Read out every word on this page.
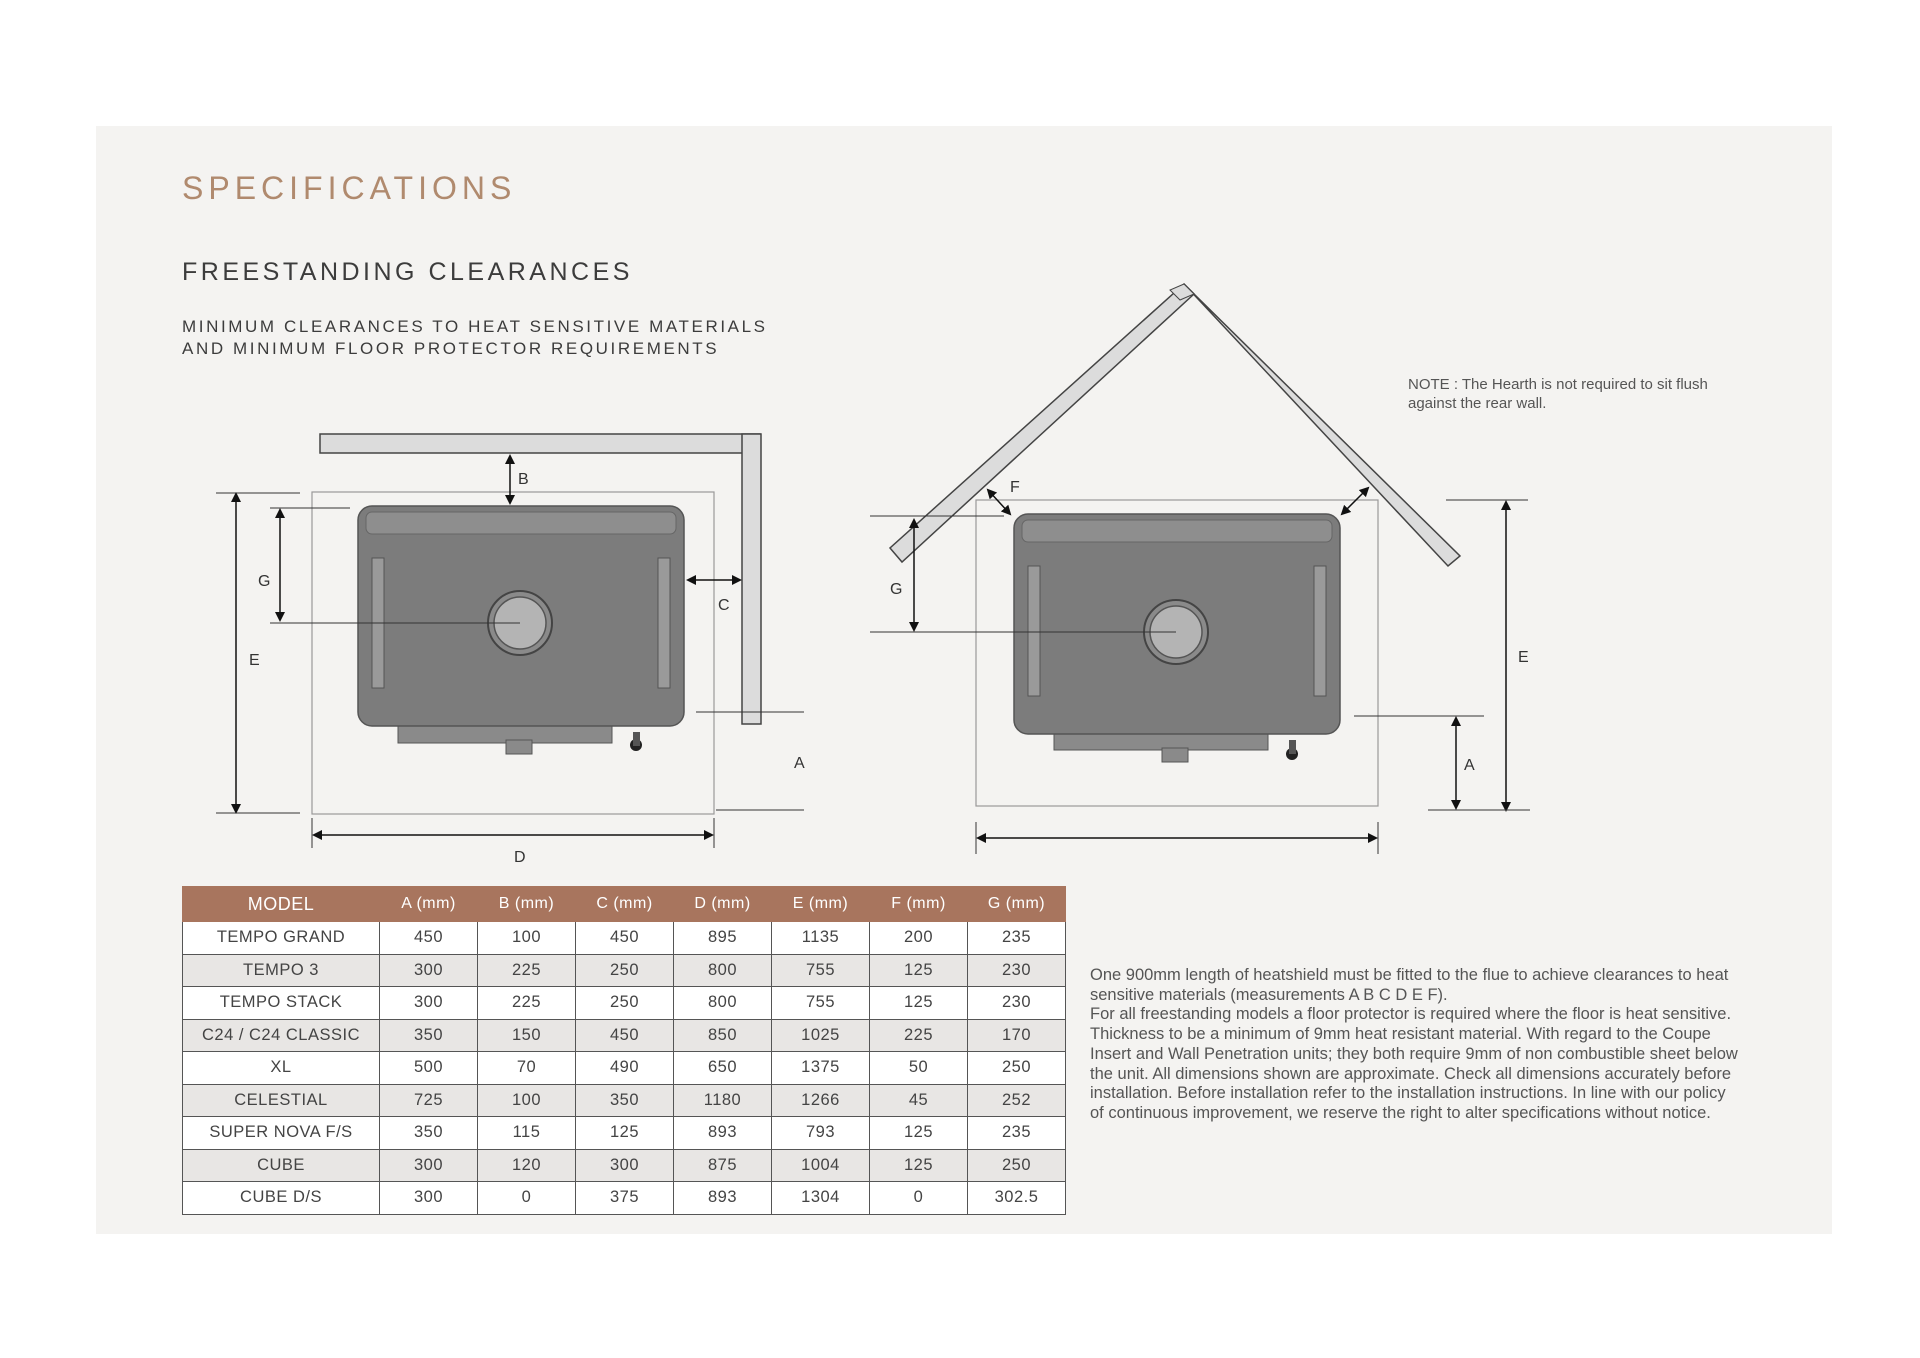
SPECIFICATIONS
FREESTANDING CLEARANCES
MINIMUM CLEARANCES TO HEAT SENSITIVE MATERIALS
AND MINIMUM FLOOR PROTECTOR REQUIREMENTS
NOTE : The Hearth is not required to sit flush against the rear wall.
B
C
E
G
D
A
F
G
E
A
MODEL	A (mm)	B (mm)	C (mm)	D (mm)	E (mm)	F (mm)	G (mm)
TEMPO GRAND	450	100	450	895	1135	200	235
TEMPO 3	300	225	250	800	755	125	230
TEMPO STACK	300	225	250	800	755	125	230
C24 / C24 CLASSIC	350	150	450	850	1025	225	170
XL	500	70	490	650	1375	50	250
CELESTIAL	725	100	350	1180	1266	45	252
SUPER NOVA F/S	350	115	125	893	793	125	235
CUBE	300	120	300	875	1004	125	250
CUBE D/S	300	0	375	893	1304	0	302.5

One 900mm length of heatshield must be fitted to the flue to achieve clearances to heat sensitive materials (measurements A B C D E F).

For all freestanding models a floor protector is required where the floor is heat sensitive. Thickness to be a minimum of 9mm heat resistant material. With regard to the Coupe Insert and Wall Penetration units; they both require 9mm of non combustible sheet below the unit. All dimensions shown are approximate. Check all dimensions accurately before installation. Before installation refer to the installation instructions. In line with our policy of continuous improvement, we reserve the right to alter specifications without notice.
